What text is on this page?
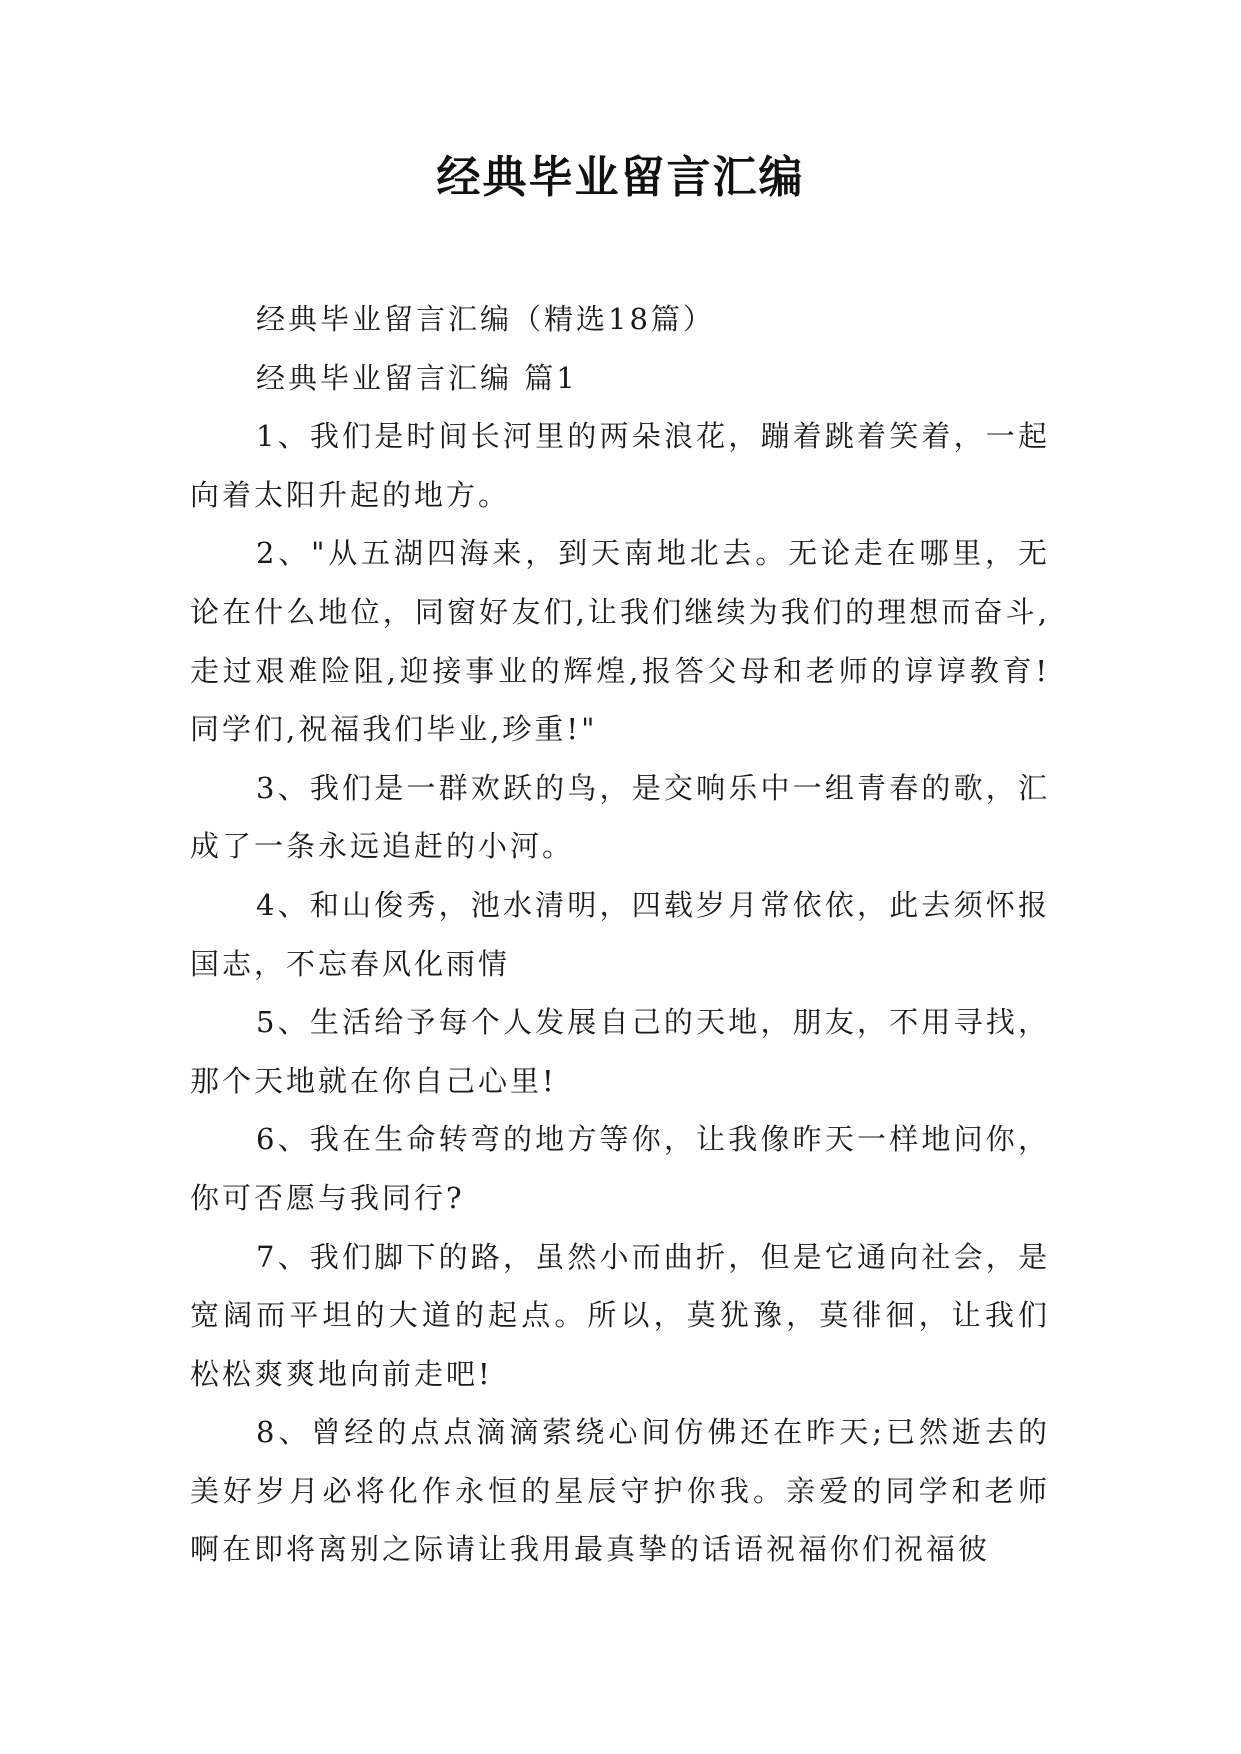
经典毕业留言汇编

经典毕业留言汇编（精选18篇）

经典毕业留言汇编 篇1

1、我们是时间长河里的两朵浪花，蹦着跳着笑着，一起向着太阳升起的地方。

2、"从五湖四海来，到天南地北去。无论走在哪里，无论在什么地位，同窗好友们,让我们继续为我们的理想而奋斗,走过艰难险阻,迎接事业的辉煌,报答父母和老师的谆谆教育!同学们,祝福我们毕业,珍重!"

3、我们是一群欢跃的鸟，是交响乐中一组青春的歌，汇成了一条永远追赶的小河。

4、和山俊秀，池水清明，四载岁月常依依，此去须怀报国志，不忘春风化雨情

5、生活给予每个人发展自己的天地，朋友，不用寻找，那个天地就在你自己心里!

6、我在生命转弯的地方等你，让我像昨天一样地问你，你可否愿与我同行?

7、我们脚下的路，虽然小而曲折，但是它通向社会，是宽阔而平坦的大道的起点。所以，莫犹豫，莫徘徊，让我们松松爽爽地向前走吧!

8、曾经的点点滴滴萦绕心间仿佛还在昨天;已然逝去的美好岁月必将化作永恒的星辰守护你我。亲爱的同学和老师啊在即将离别之际请让我用最真挚的话语祝福你们祝福彼
